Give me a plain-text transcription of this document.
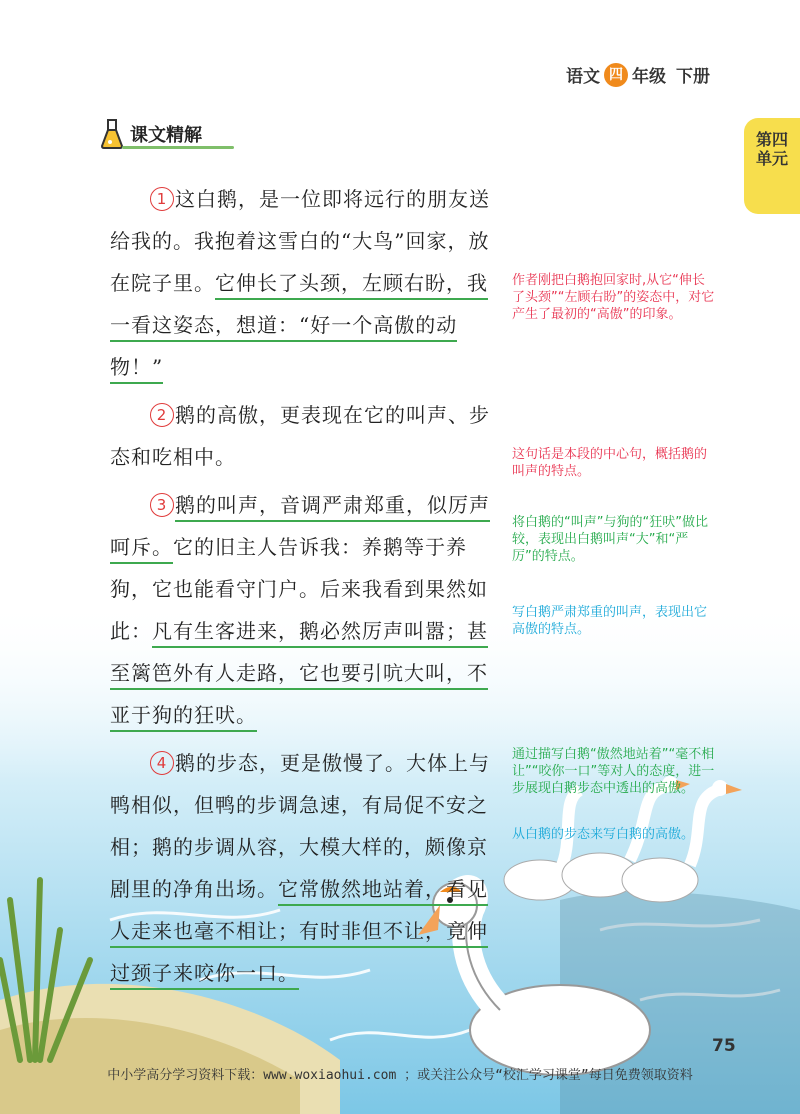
语文 四 年级 下册
第四
单元
课文精解

1 这白鹅，是一位即将远行的朋友送给我的。我抱着这雪白的“大鸟”回家，放在院子里。它伸长了头颈，左顾右盼，我一看这姿态，想道：“好一个高傲的动物！”

2 鹅的高傲，更表现在它的叫声、步态和吃相中。

3 鹅的叫声，音调严肃郑重，似厉声呵斥。它的旧主人告诉我：养鹅等于养狗，它也能看守门户。后来我看到果然如此：凡有生客进来，鹅必然厉声叫嚣；甚至篱笆外有人走路，它也要引吭大叫，不亚于狗的狂吠。

4 鹅的步态，更是傲慢了。大体上与鸭相似，但鸭的步调急速，有局促不安之相；鹅的步调从容，大模大样的，颇像京剧里的净角出场。它常傲然地站着，看见人走来也毫不相让；有时非但不让，竟伸过颈子来咬你一口。

作者刚把白鹅抱回家时,从它“伸长了头颈”“左顾右盼”的姿态中，对它产生了最初的“高傲”的印象。
这句话是本段的中心句，概括鹅的叫声的特点。
将白鹅的“叫声”与狗的“狂吠”做比较，表现出白鹅叫声“大”和“严厉”的特点。
写白鹅严肃郑重的叫声，表现出它高傲的特点。
通过描写白鹅“傲然地站着”“毫不相让”“咬你一口”等对人的态度，进一步展现白鹅步态中透出的高傲。
从白鹅的步态来写白鹅的高傲。
75
中小学高分学习资料下载：www.woxiaohui.com ；或关注公众号“校汇学习课堂”每日免费领取资料
